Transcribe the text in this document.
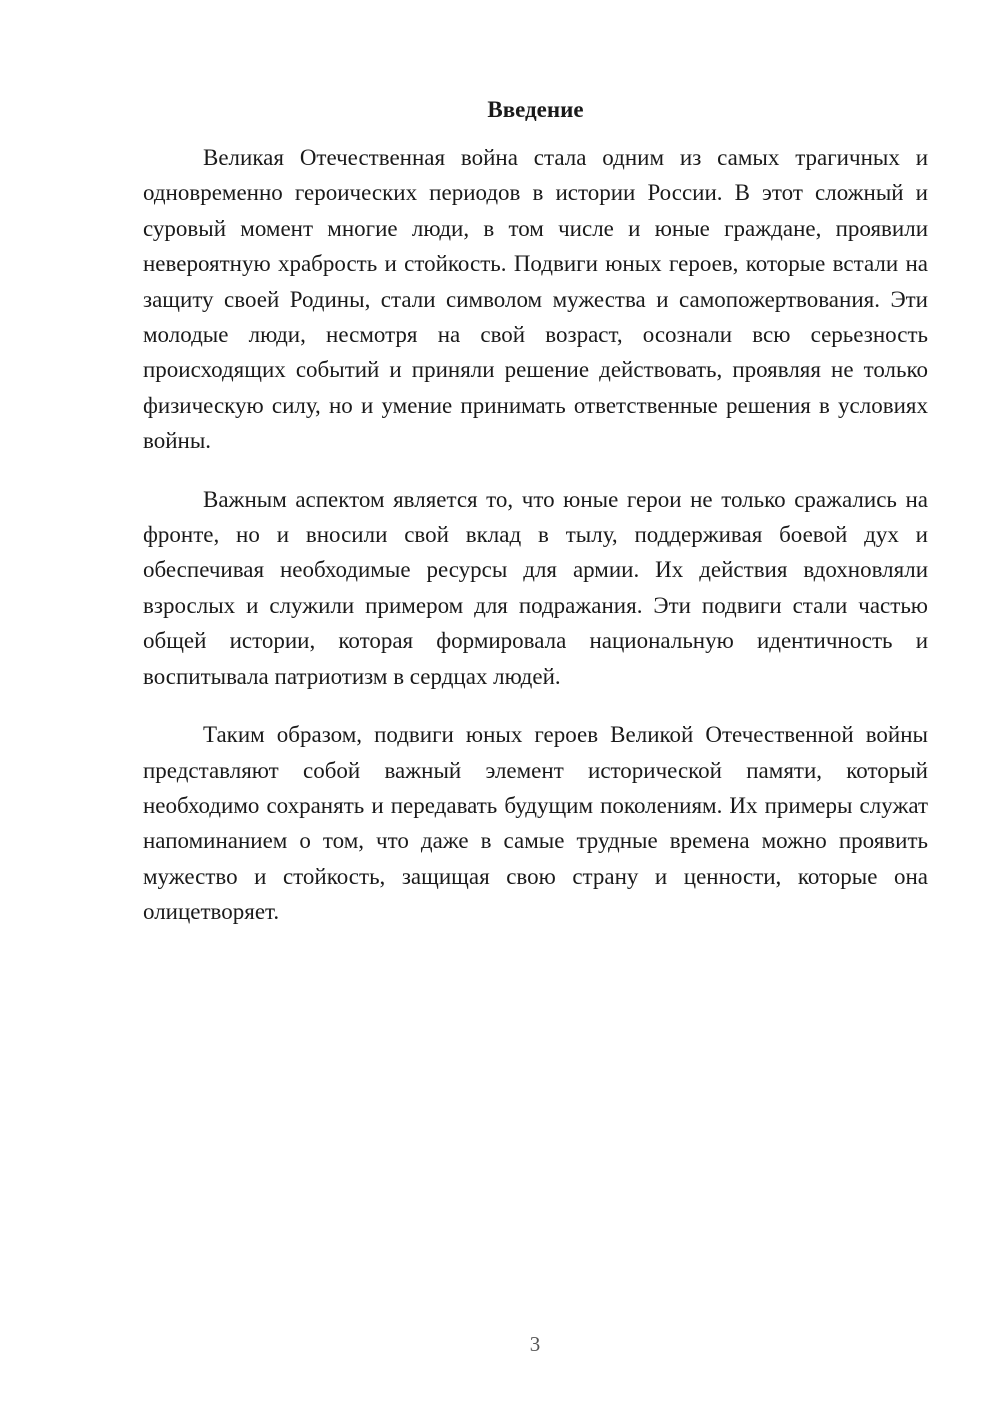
Введение

Великая Отечественная война стала одним из самых трагичных и одновременно героических периодов в истории России. В этот сложный и суровый момент многие люди, в том числе и юные граждане, проявили невероятную храбрость и стойкость. Подвиги юных героев, которые встали на защиту своей Родины, стали символом мужества и самопожертвования. Эти молодые люди, несмотря на свой возраст, осознали всю серьезность происходящих событий и приняли решение действовать, проявляя не только физическую силу, но и умение принимать ответственные решения в условиях войны.

Важным аспектом является то, что юные герои не только сражались на фронте, но и вносили свой вклад в тылу, поддерживая боевой дух и обеспечивая необходимые ресурсы для армии. Их действия вдохновляли взрослых и служили примером для подражания. Эти подвиги стали частью общей истории, которая формировала национальную идентичность и воспитывала патриотизм в сердцах людей.

Таким образом, подвиги юных героев Великой Отечественной войны представляют собой важный элемент исторической памяти, который необходимо сохранять и передавать будущим поколениям. Их примеры служат напоминанием о том, что даже в самые трудные времена можно проявить мужество и стойкость, защищая свою страну и ценности, которые она олицетворяет.

3
